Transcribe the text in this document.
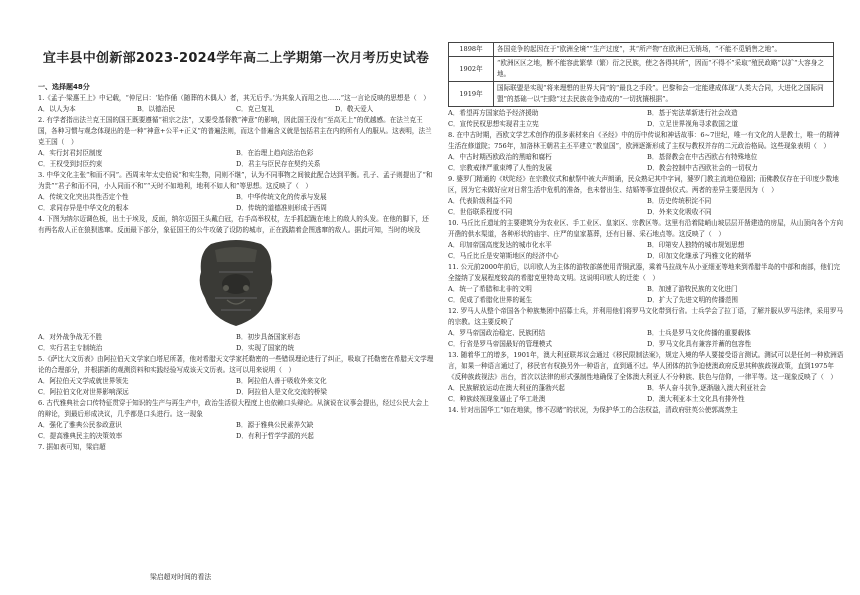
宜丰县中创新部2023-2024学年高二上学期第一次月考历史试卷
一、选择题48分

1.《孟子·梁惠王上》中记载，“仲尼曰：‘始作俑（随葬的木偶人）者，其无后乎。’为其象人而用之也……”这一言论反映的思想是（　）

A．以人为本	B．以德治民	C．克己复礼	D．敬天爱人

2. 有学者指出法兰克王国的国王既要遵循“祖宗之法”，又要受基督教“神意”的影响，因此国王没有“至高无上”的优越感。在法兰克王国，各种习惯与观念体现出的是一种“神意+公平+正义”的普遍法则，而这个普遍含义就是包括君主在内的所有人的服从。这表明，法兰克王国（　）

A．实行封君封臣制度	B．在治理上趋向法治色彩
C．王权受到封臣约束	D．君主与臣民存在契约关系

3. 中华文化主张“和而不同”。西周末年太史伯说“和实生物，同则不继”，认为不同事物之间彼此配合达到平衡。孔子、孟子则提出了“和为贵”“君子和而不同，小人同而不和”“天时不如地利，地利不如人和”等思想。这反映了（　）

A．传统文化突出共性否定个性	B．中华传统文化的传承与发展
C．求同存异是中华文化的根本	D．传统的道德准则形成于西周

4. 下图为纳尔迈调色板，出土于埃及，反面，纳尔迈国王头戴白冠，右手高举权杖，左手抓起跪在地上的敌人的头发。在他的脚下，还有两名敌人正在狼狈逃窜。反面最下部分，象征国王的公牛攻破了设防的城市，正在践踏着企图逃窜的敌人。据此可知，当时的埃及

A．对外战争战无不胜	B．初步具备国家形态
C．实行君主专制统治	D．实现了国家的统

5.《萨比大文历表》由阿拉伯天文学家白塔尼所著，他对希腊天文学家托勒密的一些错误理论进行了纠正，吸取了托勒密在希腊天文学理论的合理部分，并根据新的观测资料和实践经验写成该天文历表。这可以用来说明（　）

A．阿拉伯天文学成就世界领先	B．阿拉伯人善于吸收外来文化
C．阿拉伯文化对世界影响深远	D．阿拉伯人是文化交流的桥梁

6. 古代雅典社会口传特征贯穿于知识的生产与再生产中，政治生活很大程度上也依赖口头辩论。从演说在议事会提出，经过公民大会上的辩论，到最后形成决议，几乎都是口头进行。这一现象

A．强化了雅典公民参政意识	B．源于雅典公民素养欠缺
C．提高雅典民主的决策效率	D．有利于哲学学派的兴起

7. 据如表可知，梁启超

梁启超对时间的看法
1898年	各国竞争的起因在于“欧洲全境”“生产过度”，其“所产物”在欧洲已无销场，“不能不觅销售之地”。
1902年	“欧洲区区之地，断不能容此繁孳（繁）衍之民族，使之各得其所”，因而“不得不”采取“殖民政略”以扩“大容身之地。
1919年	国际联盟是实现“将来理想的世界大同”的“最良之手段”。巴黎和会一定能建成体现“人类大合同，大进化之国际同盟”的基础一以“扫除”过去民族竞争造成的“一切扰攘根据”。
A．希望再方国家给予经济援助	B．基于宪法革新进行社会改造
C．宣传民权思想实现君主立宪	D．立足世界视角寻求救国之道

8. 在中古时期，西欧文学艺术创作的很多素材来自《圣经》中的历中传说和神话故事：6~7世纪，唯一有文化的人是教士，唯一的精神生活在修道院；756年，加洛林王朝君主丕平建立“教皇国”，欧洲逐渐形成了主权与教权并存的二元政治格局。这些现象表明（　）

A．中古时期西欧政治的黑暗和腐朽	B．基督教会在中古西欧占有特殊地位
C．宗教戒律严重束缚了人性的发展	D．教会控制中古西欧社会的一切权力

9. 婆罗门精通的《吠陀经》在宗教仪式和献祭中被大声朗诵，民众熟记其中字词，婆罗门教主流地位稳固；而佛教仅存在于印度少数地区，因为它未做好应对日常生活中危机的准备，也未替出生、结婚等事宜提供仪式。两者的差异主要是因为（　）

A．代表阶级利益不同	B．历史传统积淀不同
C．世俗联系程度不同	D．外来文化吸收不同

10. 马丘比丘遗址的主要建筑分为农业区、手工业区、皇家区、宗教区等。这里有沿着陡峭山坡层层开凿建造的房屋，从山顶向各个方向开凿的供水渠道，各种形状的庙宇、庄严的皇家墓葬，还有日晷、采石地点等。这反映了（　）

A．印加帝国高度发达的城市化水平	B．印第安人独特的城市规划思想
C．马丘比丘是安第斯地区的经济中心	D．印加文化继承了玛雅文化的精华

11. 公元前2000年前后，以印欧人为主体的游牧部落使用青铜武器，乘着马拉战车从小亚细亚等地来到希腊半岛的中部和南部，他们完全接纳了发展程度较高的希腊克里特岛文明。这说明印欧人的迁徙（　）

A．统一了希腊和北非的文明	B．加速了游牧民族的文化进门
C．促成了希腊化世界的诞生	D．扩大了先进文明的传播范围

12. 罗马人从整个帝国各个种族集团中招募士兵，并利用他们将罗马文化带到行省。士兵学会了拉丁语，了解并服从罗马法律，采用罗马的宗教。这主要反映了

A．罗马帝国政治稳定、民族团结	B．士兵是罗马文化传播的重要载体
C．行省是罗马帝国最好的管理模式	D．罗马文化具有兼容并蓄的包容性

13. 随着华工的增多，1901年，澳大利亚联邦议会通过《移民限制法案》，规定入境的华人要接受语言测试。测试可以是任何一种欧洲语言，如果一种语言通过了，移民官有权换另外一种语言，直到通不过。华人团体的抗争迫使澳政府反思其种族歧视政策，直到1975年《反种族歧视法》出台，首次以法律的形式强制性地确保了全体澳大利亚人不分种族、肤色与信仰，一律平等。这一现象反映了（　）

A．民族解放运动在澳大利亚的蓬勃兴起	B．华人奋斗抗争,逐渐融入澳大利亚社会
C．种族歧视现象逼止了华工赴澳	D．澳大利亚本土文化具有排外性

14. 针对出国华工“如在地狱，惨不忍睹”的状况，为保护华工的合法权益，清政府驻英公使郭嵩焘主
